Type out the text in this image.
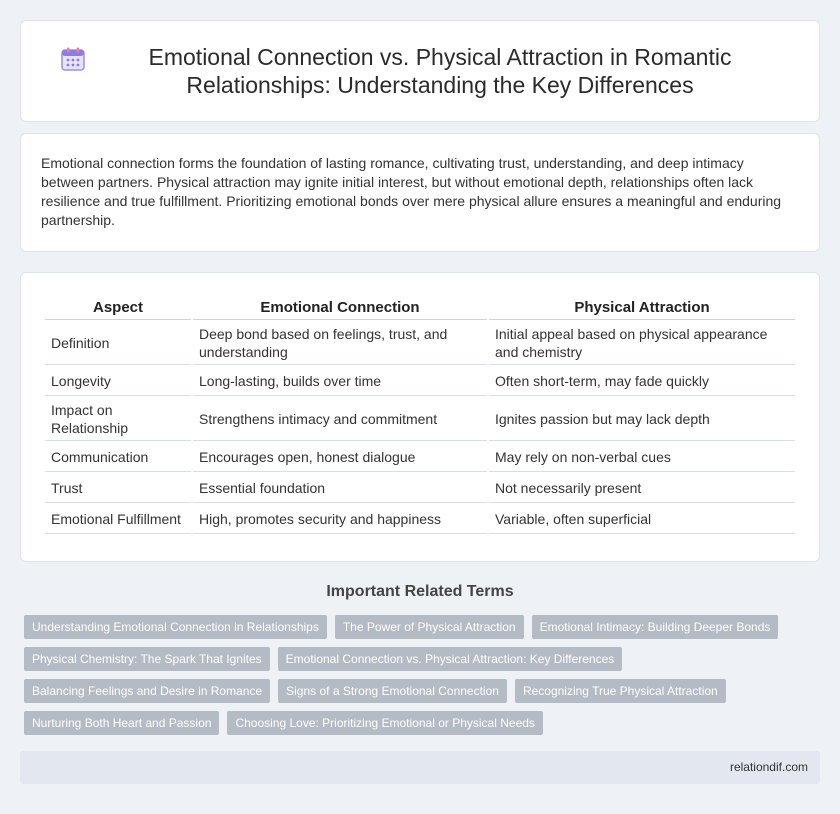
Emotional Connection vs. Physical Attraction in Romantic Relationships: Understanding the Key Differences

Emotional connection forms the foundation of lasting romance, cultivating trust, understanding, and deep intimacy between partners. Physical attraction may ignite initial interest, but without emotional depth, relationships often lack resilience and true fulfillment. Prioritizing emotional bonds over mere physical allure ensures a meaningful and enduring partnership.

Aspect	Emotional Connection	Physical Attraction
Definition	Deep bond based on feelings, trust, and understanding	Initial appeal based on physical appearance and chemistry
Longevity	Long-lasting, builds over time	Often short-term, may fade quickly
Impact on Relationship	Strengthens intimacy and commitment	Ignites passion but may lack depth
Communication	Encourages open, honest dialogue	May rely on non-verbal cues
Trust	Essential foundation	Not necessarily present
Emotional Fulfillment	High, promotes security and happiness	Variable, often superficial
Important Related Terms
Understanding Emotional Connection in Relationships	The Power of Physical Attraction	Emotional Intimacy: Building Deeper Bonds
Physical Chemistry: The Spark That Ignites	Emotional Connection vs. Physical Attraction: Key Differences
Balancing Feelings and Desire in Romance	Signs of a Strong Emotional Connection	Recognizing True Physical Attraction
Nurturing Both Heart and Passion	Choosing Love: Prioritizing Emotional or Physical Needs
relationdif.com
